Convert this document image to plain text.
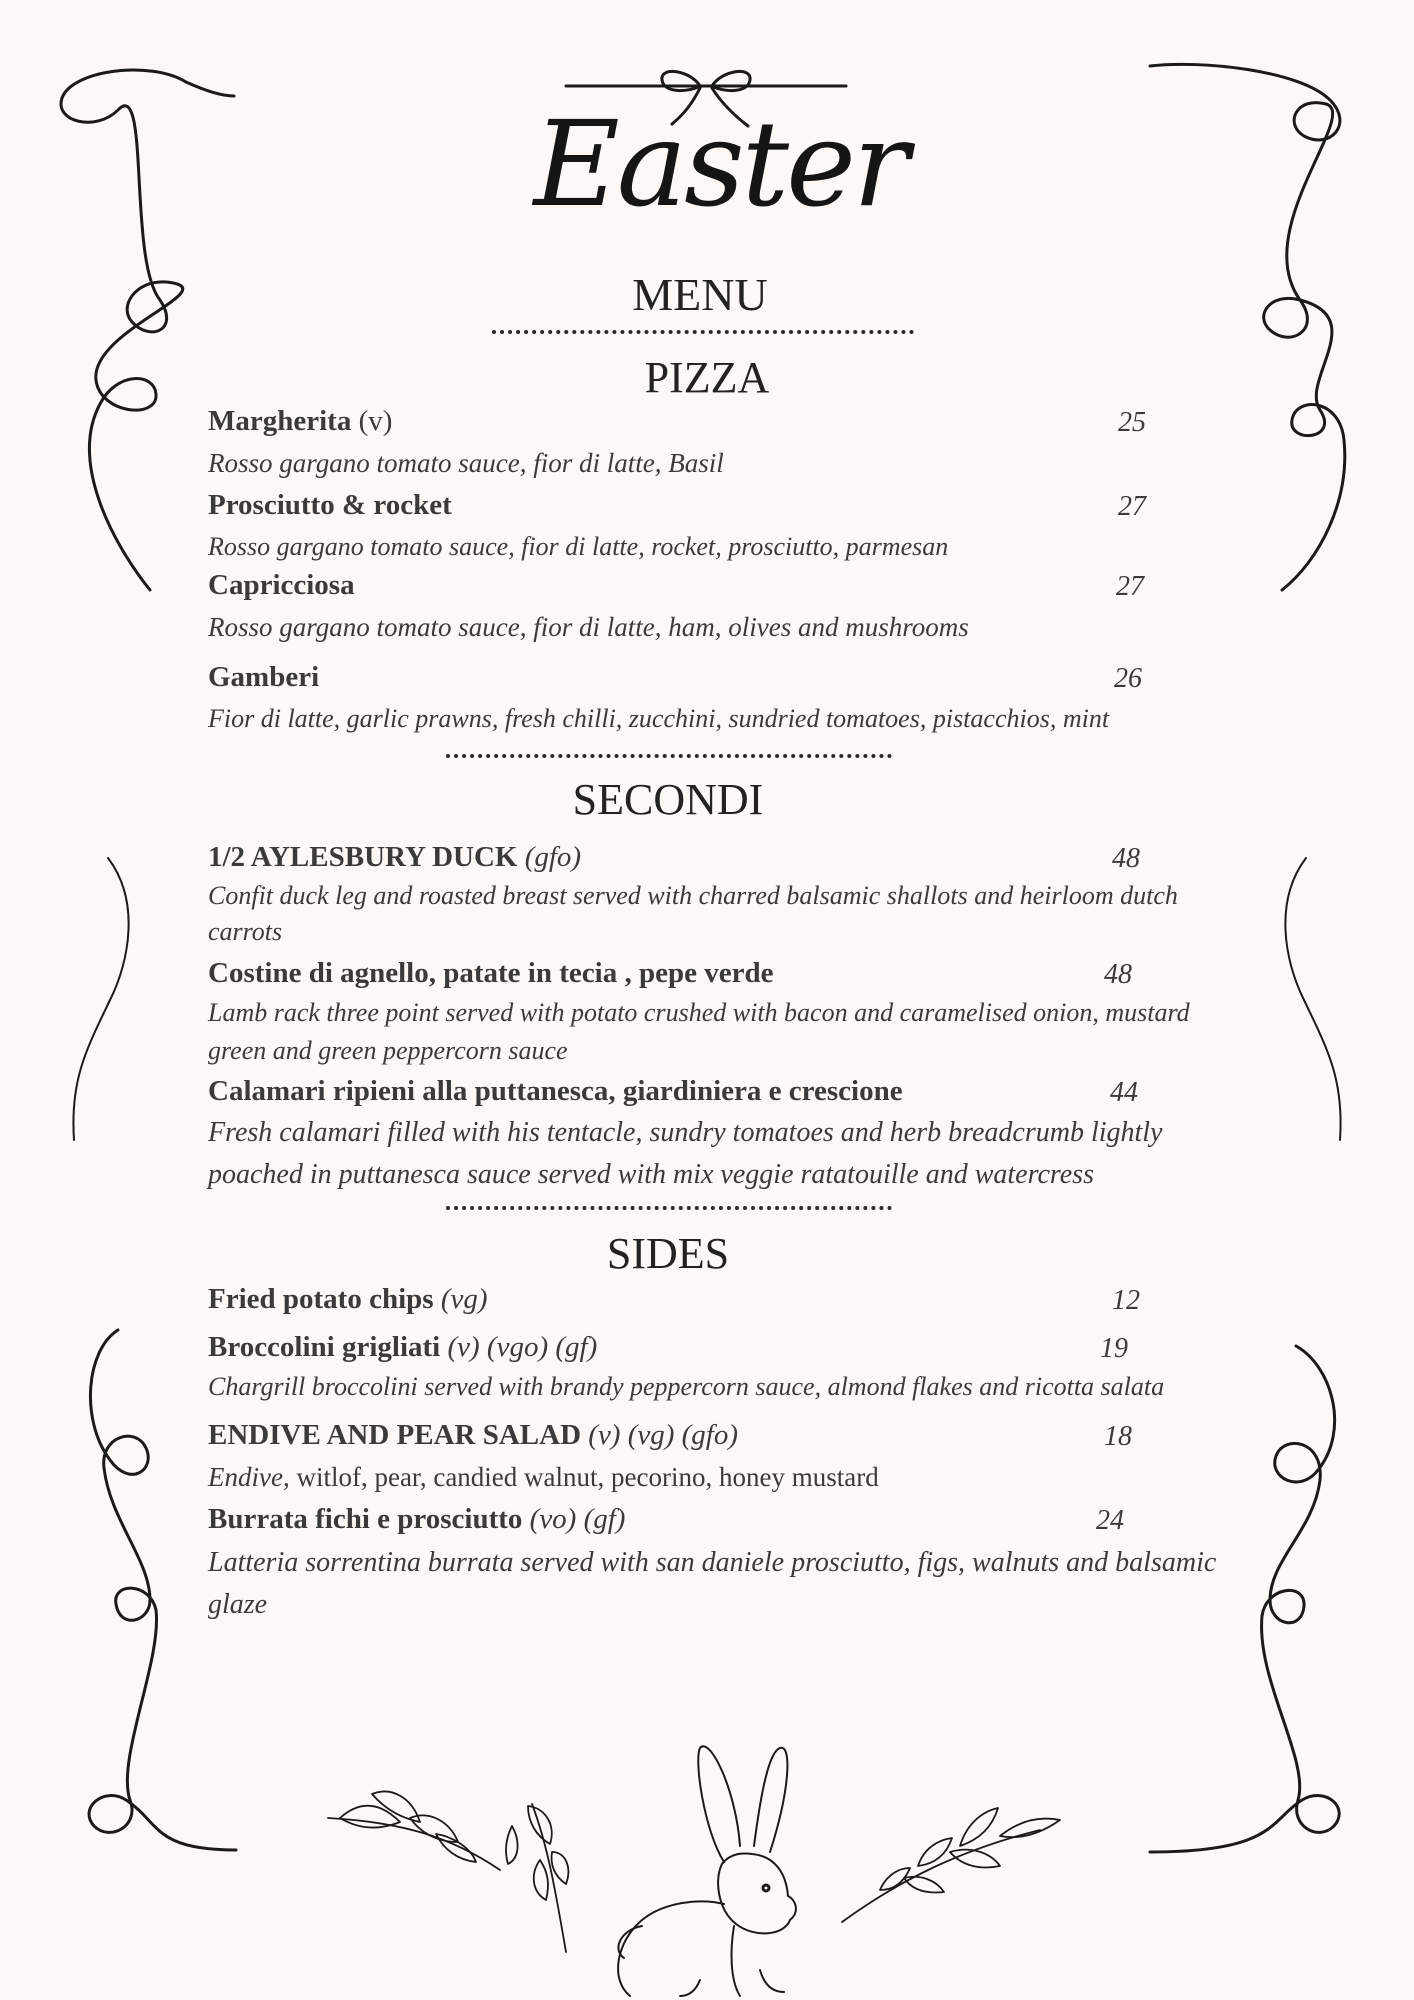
Easter
MENU
PIZZA
Margherita (v)	25
Rosso gargano tomato sauce, fior di latte, Basil
Prosciutto & rocket	27
Rosso gargano tomato sauce, fior di latte, rocket, prosciutto, parmesan
Capricciosa	27
Rosso gargano tomato sauce, fior di latte, ham, olives and mushrooms
Gamberi	26
Fior di latte, garlic prawns, fresh chilli, zucchini, sundried tomatoes, pistacchios, mint
SECONDI
1/2 AYLESBURY DUCK (gfo)	48
Confit duck leg and roasted breast served with charred balsamic shallots and heirloom dutch carrots
Costine di agnello, patate in tecia , pepe verde	48
Lamb rack three point served with potato crushed with bacon and caramelised onion, mustard green and green peppercorn sauce
Calamari ripieni alla puttanesca, giardiniera e crescione	44
Fresh calamari filled with his tentacle, sundry tomatoes and herb breadcrumb lightly poached in puttanesca sauce served with mix veggie ratatouille and watercress
SIDES
Fried potato chips (vg)	12
Broccolini grigliati (v) (vgo) (gf)	19
Chargrill broccolini served with brandy peppercorn sauce, almond flakes and ricotta salata
ENDIVE AND PEAR SALAD (v) (vg) (gfo)	18
Endive, witlof, pear, candied walnut, pecorino, honey mustard
Burrata fichi e prosciutto (vo) (gf)	24
Latteria sorrentina burrata served with san daniele prosciutto, figs, walnuts and balsamic glaze
